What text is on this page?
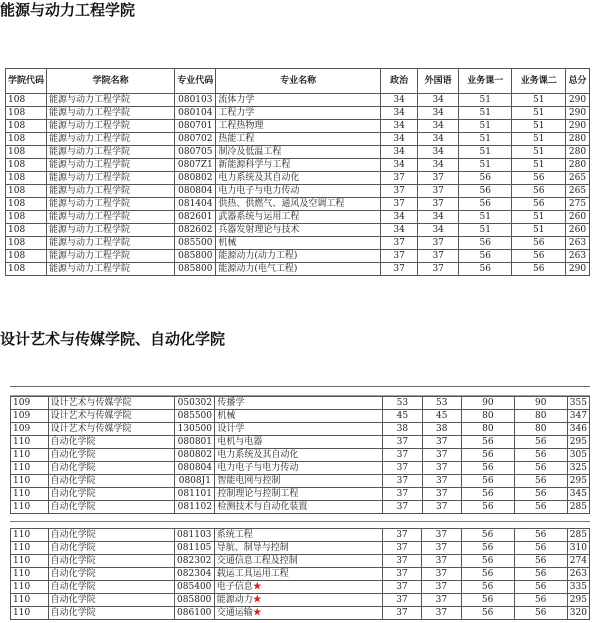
能源与动力工程学院
学院代码	学院名称	专业代码	专业名称	政治	外国语	业务课一	业务课二	总分
108	能源与动力工程学院	080103	流体力学	34	34	51	51	290
108	能源与动力工程学院	080104	工程力学	34	34	51	51	290
108	能源与动力工程学院	080701	工程热物理	34	34	51	51	290
108	能源与动力工程学院	080702	热能工程	34	34	51	51	280
108	能源与动力工程学院	080705	制冷及低温工程	34	34	51	51	280
108	能源与动力工程学院	0807Z1	新能源科学与工程	34	34	51	51	280
108	能源与动力工程学院	080802	电力系统及其自动化	37	37	56	56	265
108	能源与动力工程学院	080804	电力电子与电力传动	37	37	56	56	265
108	能源与动力工程学院	081404	供热、供燃气、通风及空调工程	37	37	56	56	275
108	能源与动力工程学院	082601	武器系统与运用工程	34	34	51	51	260
108	能源与动力工程学院	082602	兵器发射理论与技术	34	34	51	51	260
108	能源与动力工程学院	085500	机械	37	37	56	56	263
108	能源与动力工程学院	085800	能源动力(动力工程)	37	37	56	56	263
108	能源与动力工程学院	085800	能源动力(电气工程)	37	37	56	56	290
设计艺术与传媒学院、自动化学院
109	设计艺术与传媒学院	050302	传播学	53	53	90	90	355
109	设计艺术与传媒学院	085500	机械	45	45	80	80	347
109	设计艺术与传媒学院	130500	设计学	38	38	80	80	346
110	自动化学院	080801	电机与电器	37	37	56	56	295
110	自动化学院	080802	电力系统及其自动化	37	37	56	56	305
110	自动化学院	080804	电力电子与电力传动	37	37	56	56	325
110	自动化学院	0808J1	智能电网与控制	37	37	56	56	295
110	自动化学院	081101	控制理论与控制工程	37	37	56	56	345
110	自动化学院	081102	检测技术与自动化装置	37	37	56	56	285
110	自动化学院	081103	系统工程	37	37	56	56	285
110	自动化学院	081105	导航、制导与控制	37	37	56	56	310
110	自动化学院	082302	交通信息工程及控制	37	37	56	56	274
110	自动化学院	082304	载运工具运用工程	37	37	56	56	263
110	自动化学院	085400	电子信息★	37	37	56	56	335
110	自动化学院	085800	能源动力★	37	37	56	56	295
110	自动化学院	086100	交通运输★	37	37	56	56	320
